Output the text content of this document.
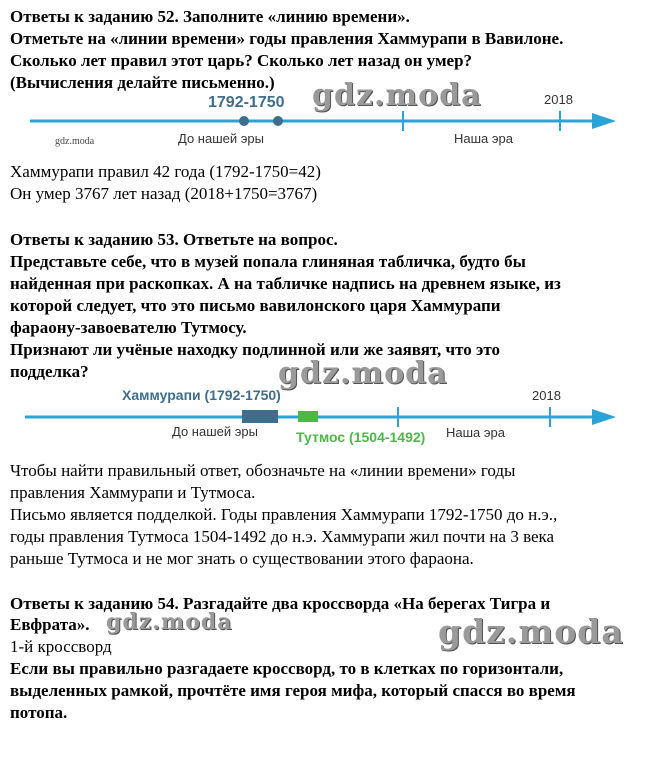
Ответы к заданию 52. Заполните «линию времени».
Отметьте на «линии времени» годы правления Хаммурапи в Вавилоне.
Сколько лет правил этот царь? Сколько лет назад он умер?
(Вычисления делайте письменно.)
1792-1750	2018
До нашей эры	Наша эра
gdz.moda
gdz.moda
Хаммурапи правил 42 года (1792-1750=42)
Он умер 3767 лет назад (2018+1750=3767)
Ответы к заданию 53. Ответьте на вопрос.
Представьте себе, что в музей попала глиняная табличка, будто бы
найденная при раскопках. А на табличке надпись на древнем языке, из
которой следует, что это письмо вавилонского царя Хаммурапи
фараону-завоевателю Тутмосу.
Признают ли учёные находку подлинной или же заявят, что это
подделка?	gdz.moda
Хаммурапи (1792-1750)	2018
До нашей эры	Тутмос (1504-1492) Наша эра
Чтобы найти правильный ответ, обозначьте на «линии времени» годы
правления Хаммурапи и Тутмоса.
Письмо является подделкой. Годы правления Хаммурапи 1792-1750 до н.э.,
годы правления Тутмоса 1504-1492 до н.э. Хаммурапи жил почти на 3 века
раньше Тутмоса и не мог знать о существовании этого фараона.
Ответы к заданию 54. Разгадайте два кроссворда «На берегах Тигра и
Евфрата». gdz.moda	gdz.moda
1-й кроссворд
Если вы правильно разгадаете кроссворд, то в клетках по горизонтали,
выделенных рамкой, прочтёте имя героя мифа, который спасся во время
потопа.
